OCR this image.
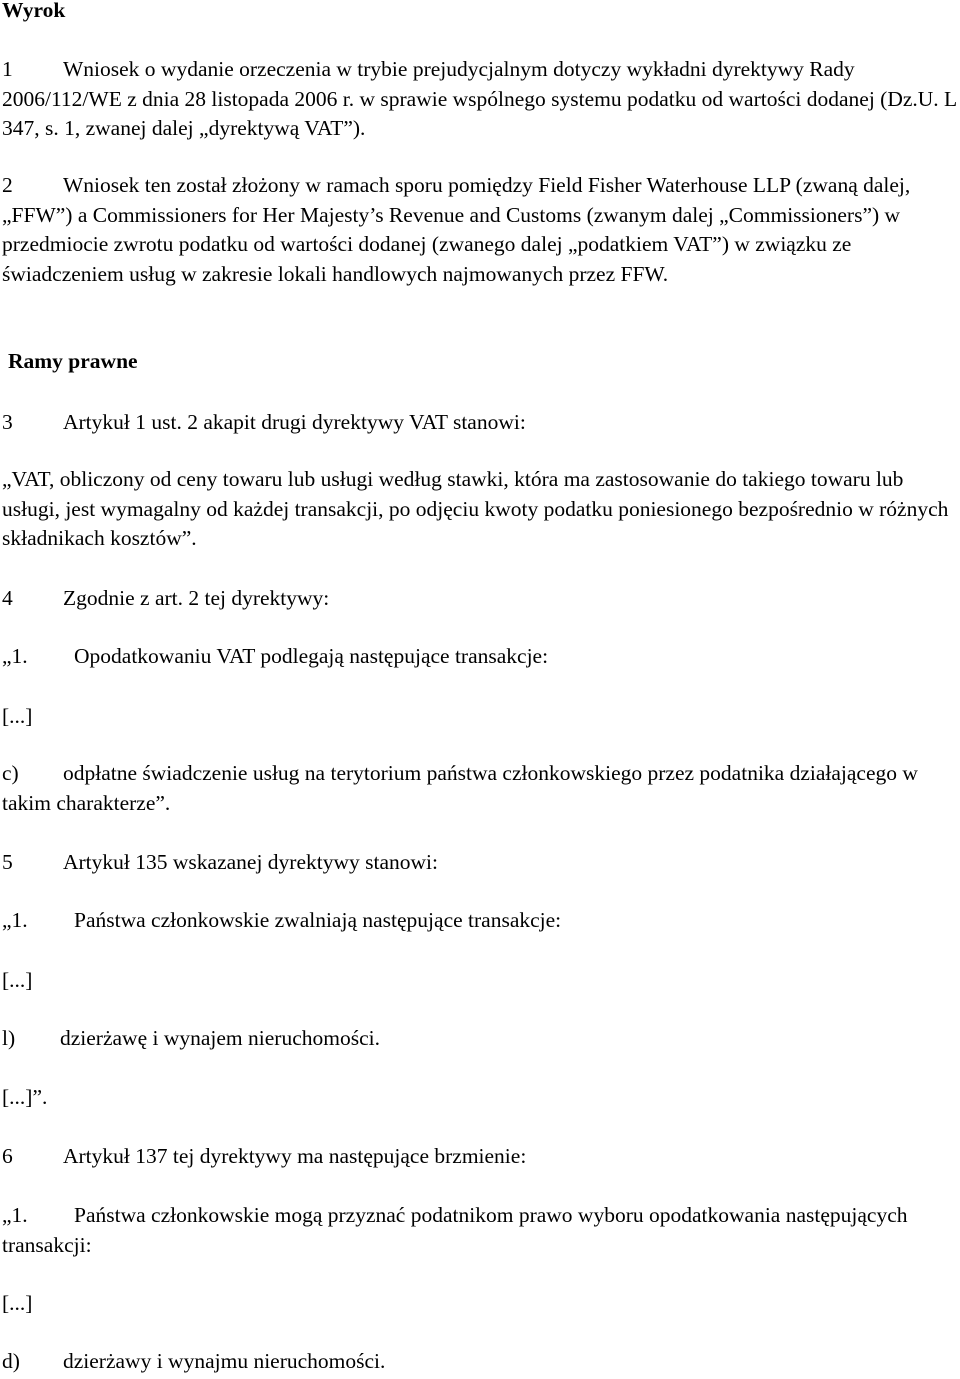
Wyrok

1 Wniosek o wydanie orzeczenia w trybie prejudycjalnym dotyczy wykładni dyrektywy Rady 2006/112/WE z dnia 28 listopada 2006 r. w sprawie wspólnego systemu podatku od wartości dodanej (Dz.U. L 347, s. 1, zwanej dalej „dyrektywą VAT”).

2 Wniosek ten został złożony w ramach sporu pomiędzy Field Fisher Waterhouse LLP (zwaną dalej, „FFW”) a Commissioners for Her Majesty’s Revenue and Customs (zwanym dalej „Commissioners”) w przedmiocie zwrotu podatku od wartości dodanej (zwanego dalej „podatkiem VAT”) w związku ze świadczeniem usług w zakresie lokali handlowych najmowanych przez FFW.

Ramy prawne

3 Artykuł 1 ust. 2 akapit drugi dyrektywy VAT stanowi:

„VAT, obliczony od ceny towaru lub usługi według stawki, która ma zastosowanie do takiego towaru lub usługi, jest wymagalny od każdej transakcji, po odjęciu kwoty podatku poniesionego bezpośrednio w różnych składnikach kosztów”.

4 Zgodnie z art. 2 tej dyrektywy:

„1. Opodatkowaniu VAT podlegają następujące transakcje:

[...]

c) odpłatne świadczenie usług na terytorium państwa członkowskiego przez podatnika działającego w takim charakterze”.

5 Artykuł 135 wskazanej dyrektywy stanowi:

„1. Państwa członkowskie zwalniają następujące transakcje:

[...]

l) dzierżawę i wynajem nieruchomości.

[...]”.

6 Artykuł 137 tej dyrektywy ma następujące brzmienie:

„1. Państwa członkowskie mogą przyznać podatnikom prawo wyboru opodatkowania następujących transakcji:

[...]

d) dzierżawy i wynajmu nieruchomości.
